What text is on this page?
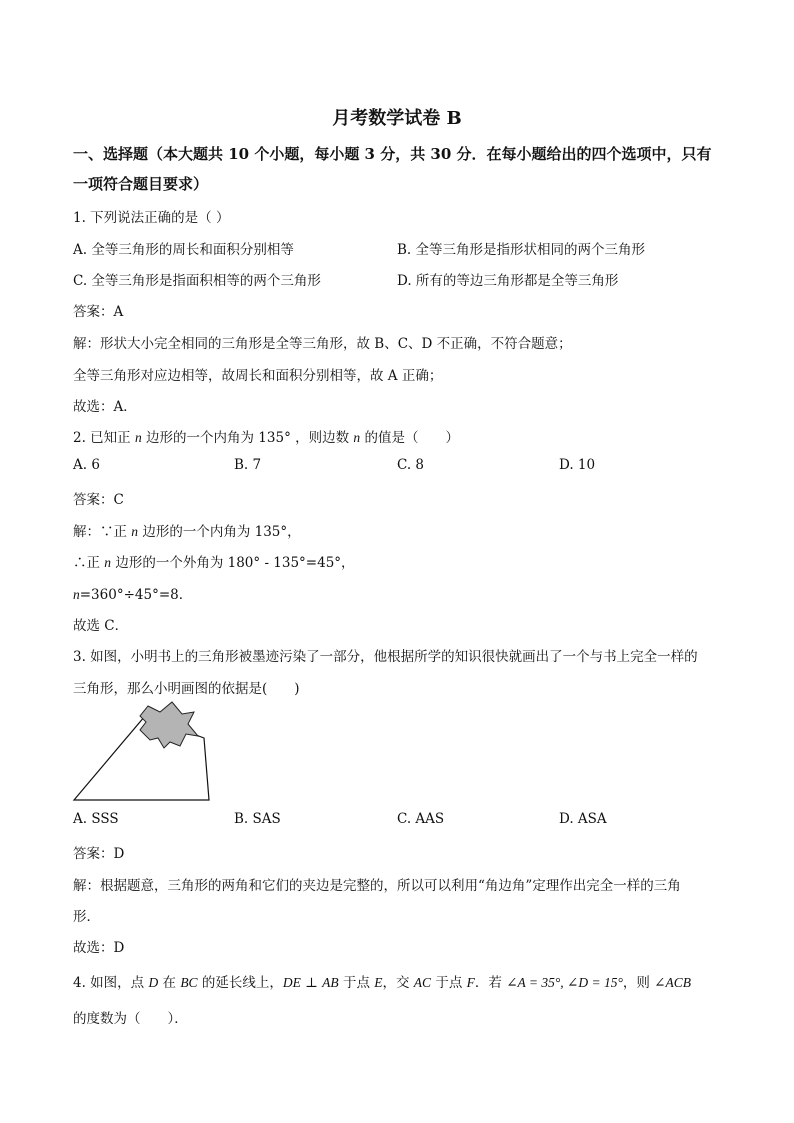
月考数学试卷 B
一、选择题（本大题共 10 个小题，每小题 3 分，共 30 分．在每小题给出的四个选项中，只有一项符合题目要求）
1. 下列说法正确的是（ ）
A. 全等三角形的周长和面积分别相等	B. 全等三角形是指形状相同的两个三角形
C. 全等三角形是指面积相等的两个三角形	D. 所有的等边三角形都是全等三角形
答案：A
解：形状大小完全相同的三角形是全等三角形，故 B、C、D 不正确，不符合题意；
全等三角形对应边相等，故周长和面积分别相等，故 A 正确；
故选：A．
2. 已知正 n 边形的一个内角为 135° ，则边数 n 的值是（　　）
A. 6	B. 7	C. 8	D. 10
答案：C
解：∵正 n 边形的一个内角为 135°，
∴正 n 边形的一个外角为 180° - 135°=45°，
n=360°÷45°=8．
故选 C．
3. 如图，小明书上的三角形被墨迹污染了一部分，他根据所学的知识很快就画出了一个与书上完全一样的
三角形，那么小明画图的依据是(　　)
A. SSS	B. SAS	C. AAS	D. ASA
答案：D
解：根据题意，三角形的两角和它们的夹边是完整的，所以可以利用“角边角”定理作出完全一样的三角
形．
故选：D
4. 如图，点 D 在 BC 的延长线上，DE ⊥ AB 于点 E，交 AC 于点 F．若 ∠A = 35°, ∠D = 15°，则 ∠ACB
的度数为（　　）．
